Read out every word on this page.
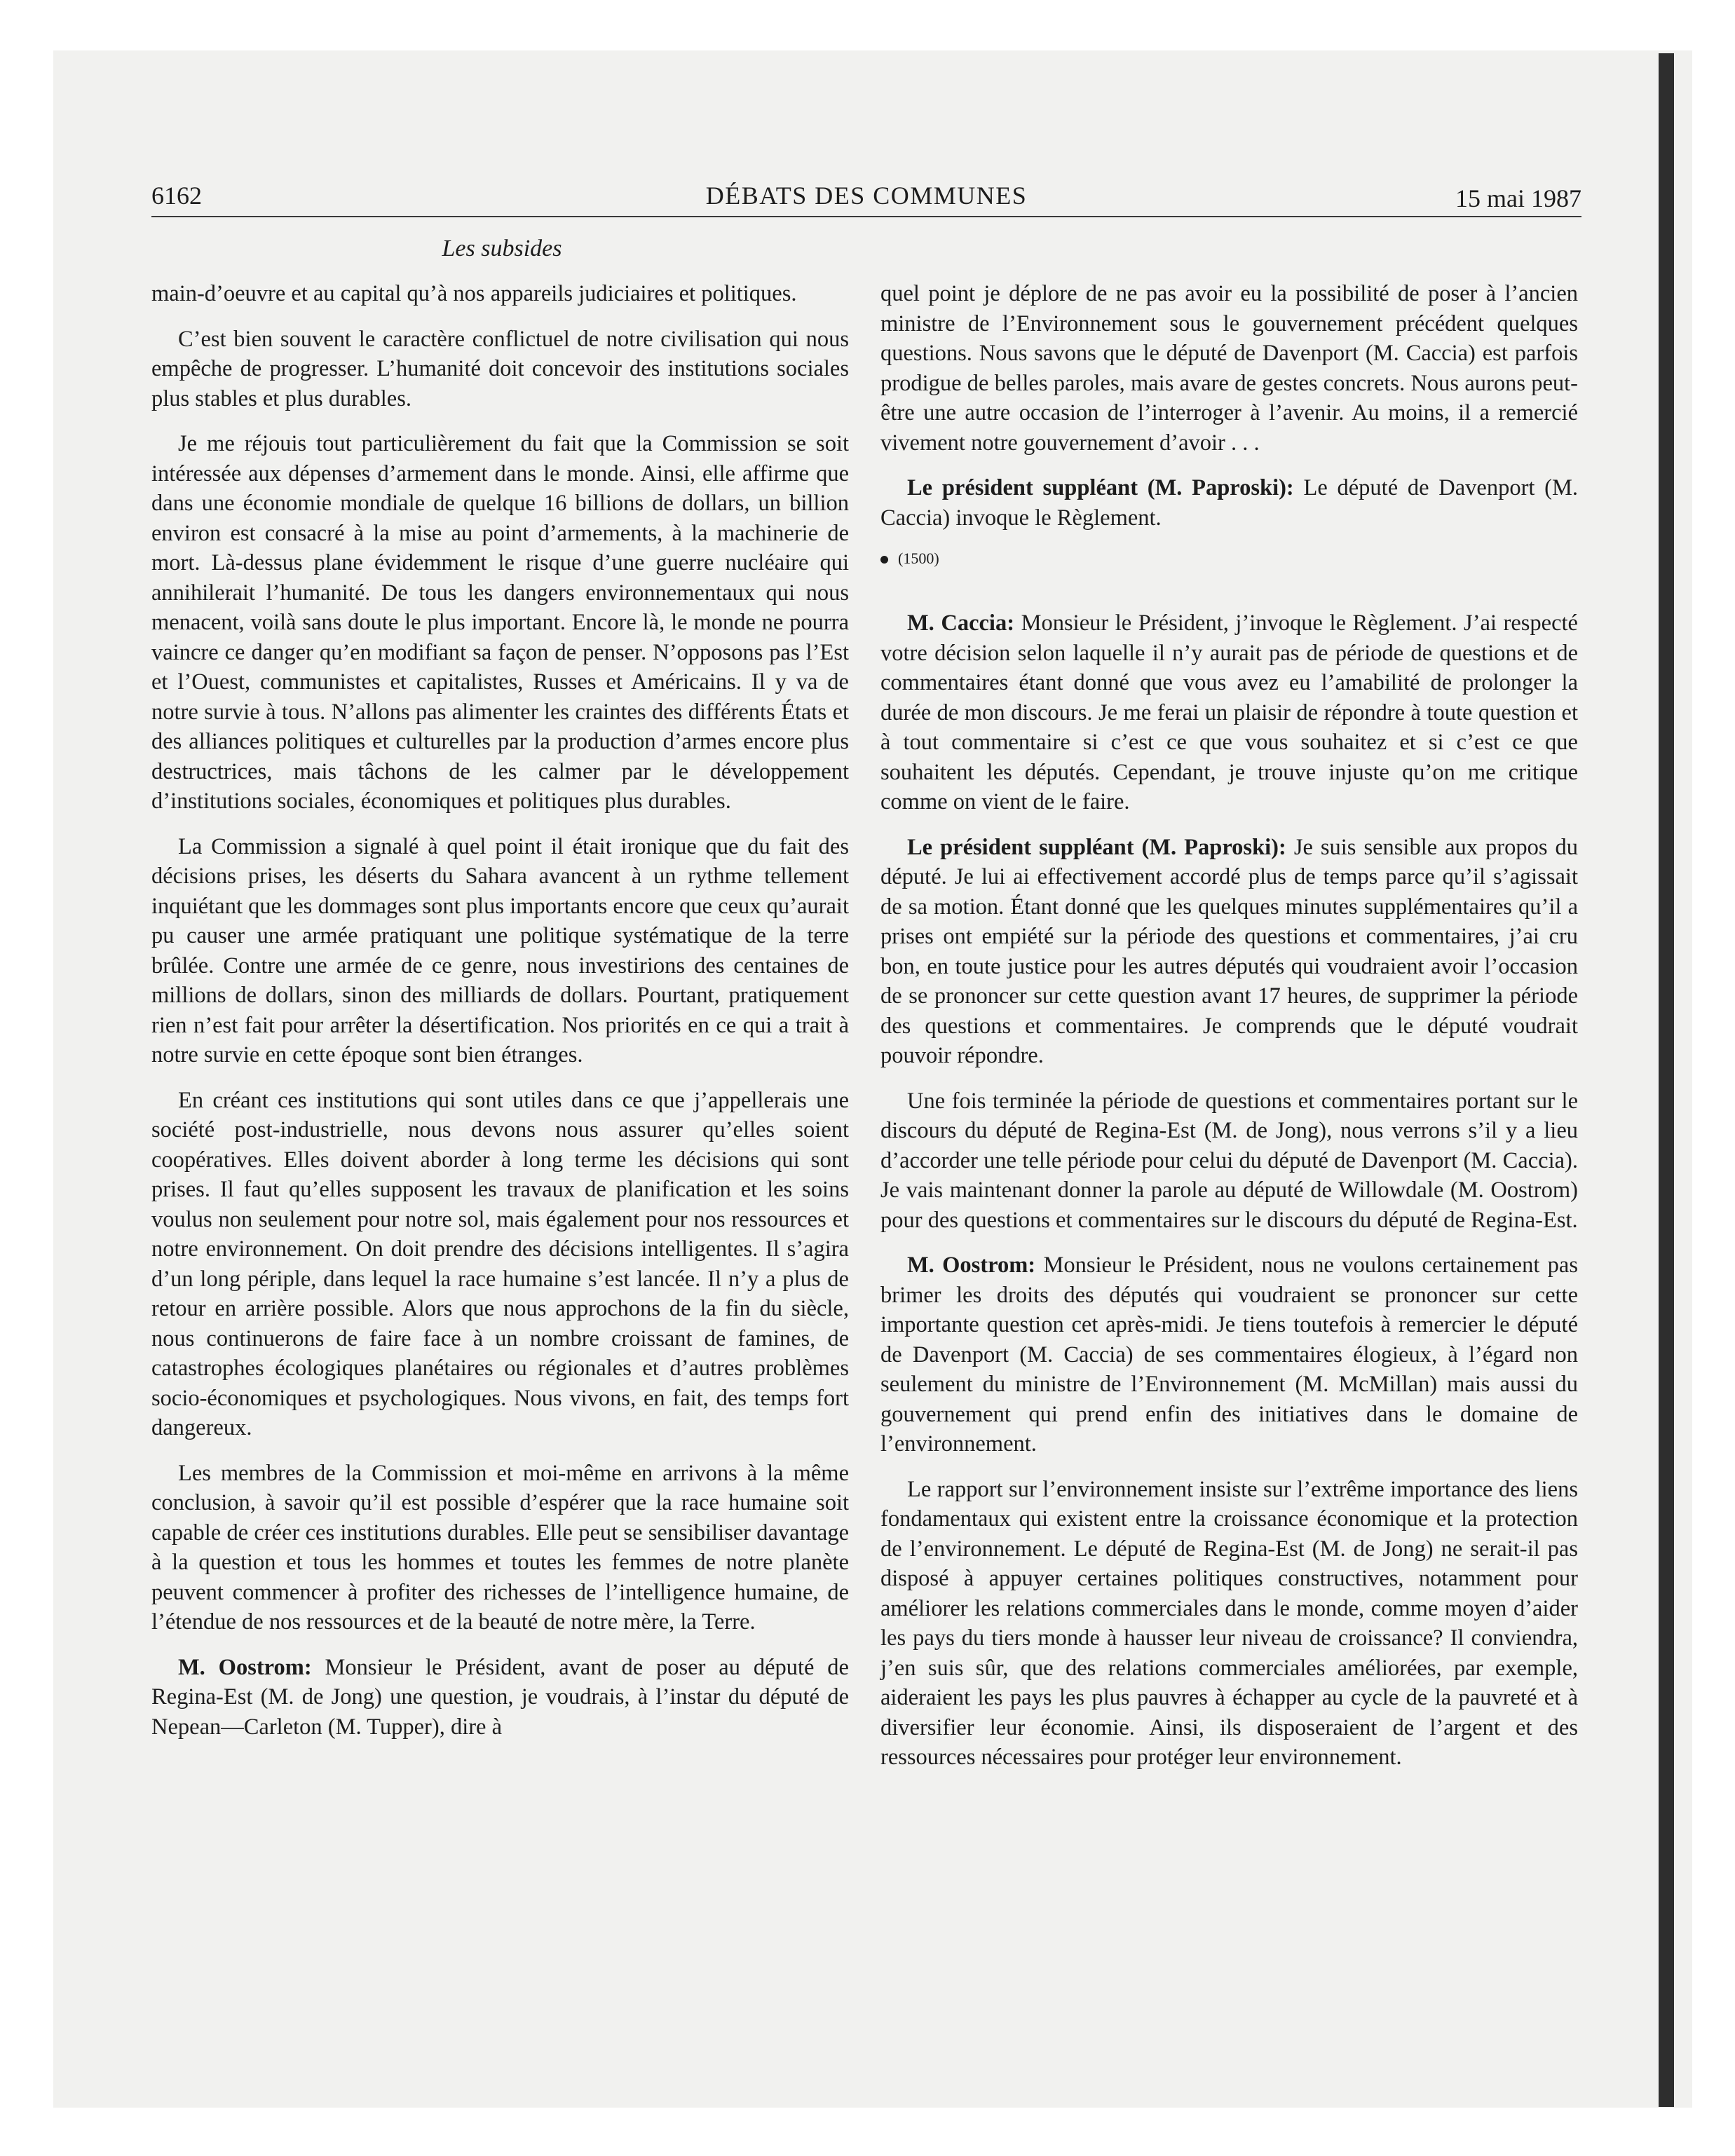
6162	DÉBATS DES COMMUNES	15 mai 1987
Les subsides

main-d’oeuvre et au capital qu’à nos appareils judiciaires et politiques.

C’est bien souvent le caractère conflictuel de notre civilisation qui nous empêche de progresser. L’humanité doit concevoir des institutions sociales plus stables et plus durables.

Je me réjouis tout particulièrement du fait que la Commission se soit intéressée aux dépenses d’armement dans le monde. Ainsi, elle affirme que dans une économie mondiale de quelque 16 billions de dollars, un billion environ est consacré à la mise au point d’armements, à la machinerie de mort. Là-dessus plane évidemment le risque d’une guerre nucléaire qui annihilerait l’humanité. De tous les dangers environnementaux qui nous menacent, voilà sans doute le plus important. Encore là, le monde ne pourra vaincre ce danger qu’en modifiant sa façon de penser. N’opposons pas l’Est et l’Ouest, communistes et capitalistes, Russes et Américains. Il y va de notre survie à tous. N’allons pas alimenter les craintes des différents États et des alliances politiques et culturelles par la production d’armes encore plus destructrices, mais tâchons de les calmer par le développement d’institutions sociales, économiques et politiques plus durables.

La Commission a signalé à quel point il était ironique que du fait des décisions prises, les déserts du Sahara avancent à un rythme tellement inquiétant que les dommages sont plus importants encore que ceux qu’aurait pu causer une armée pratiquant une politique systématique de la terre brûlée. Contre une armée de ce genre, nous investirions des centaines de millions de dollars, sinon des milliards de dollars. Pourtant, pratiquement rien n’est fait pour arrêter la désertification. Nos priorités en ce qui a trait à notre survie en cette époque sont bien étranges.

En créant ces institutions qui sont utiles dans ce que j’appellerais une société post-industrielle, nous devons nous assurer qu’elles soient coopératives. Elles doivent aborder à long terme les décisions qui sont prises. Il faut qu’elles supposent les travaux de planification et les soins voulus non seulement pour notre sol, mais également pour nos ressources et notre environnement. On doit prendre des décisions intelligentes. Il s’agira d’un long périple, dans lequel la race humaine s’est lancée. Il n’y a plus de retour en arrière possible. Alors que nous approchons de la fin du siècle, nous continuerons de faire face à un nombre croissant de famines, de catastrophes écologiques planétaires ou régionales et d’autres problèmes socio-économiques et psychologiques. Nous vivons, en fait, des temps fort dangereux.

Les membres de la Commission et moi-même en arrivons à la même conclusion, à savoir qu’il est possible d’espérer que la race humaine soit capable de créer ces institutions durables. Elle peut se sensibiliser davantage à la question et tous les hommes et toutes les femmes de notre planète peuvent commencer à profiter des richesses de l’intelligence humaine, de l’étendue de nos ressources et de la beauté de notre mère, la Terre.

M. Oostrom: Monsieur le Président, avant de poser au député de Regina-Est (M. de Jong) une question, je voudrais, à l’instar du député de Nepean—Carleton (M. Tupper), dire à

quel point je déplore de ne pas avoir eu la possibilité de poser à l’ancien ministre de l’Environnement sous le gouvernement précédent quelques questions. Nous savons que le député de Davenport (M. Caccia) est parfois prodigue de belles paroles, mais avare de gestes concrets. Nous aurons peut-être une autre occasion de l’interroger à l’avenir. Au moins, il a remercié vivement notre gouvernement d’avoir . . .

Le président suppléant (M. Paproski): Le député de Davenport (M. Caccia) invoque le Règlement.

(1500)

M. Caccia: Monsieur le Président, j’invoque le Règlement. J’ai respecté votre décision selon laquelle il n’y aurait pas de période de questions et de commentaires étant donné que vous avez eu l’amabilité de prolonger la durée de mon discours. Je me ferai un plaisir de répondre à toute question et à tout commentaire si c’est ce que vous souhaitez et si c’est ce que souhaitent les députés. Cependant, je trouve injuste qu’on me critique comme on vient de le faire.

Le président suppléant (M. Paproski): Je suis sensible aux propos du député. Je lui ai effectivement accordé plus de temps parce qu’il s’agissait de sa motion. Étant donné que les quelques minutes supplémentaires qu’il a prises ont empiété sur la période des questions et commentaires, j’ai cru bon, en toute justice pour les autres députés qui voudraient avoir l’occasion de se prononcer sur cette question avant 17 heures, de supprimer la période des questions et commentaires. Je comprends que le député voudrait pouvoir répondre.

Une fois terminée la période de questions et commentaires portant sur le discours du député de Regina-Est (M. de Jong), nous verrons s’il y a lieu d’accorder une telle période pour celui du député de Davenport (M. Caccia). Je vais maintenant donner la parole au député de Willowdale (M. Oostrom) pour des questions et commentaires sur le discours du député de Regina-Est.

M. Oostrom: Monsieur le Président, nous ne voulons certainement pas brimer les droits des députés qui voudraient se prononcer sur cette importante question cet après-midi. Je tiens toutefois à remercier le député de Davenport (M. Caccia) de ses commentaires élogieux, à l’égard non seulement du ministre de l’Environnement (M. McMillan) mais aussi du gouvernement qui prend enfin des initiatives dans le domaine de l’environnement.

Le rapport sur l’environnement insiste sur l’extrême importance des liens fondamentaux qui existent entre la croissance économique et la protection de l’environnement. Le député de Regina-Est (M. de Jong) ne serait-il pas disposé à appuyer certaines politiques constructives, notamment pour améliorer les relations commerciales dans le monde, comme moyen d’aider les pays du tiers monde à hausser leur niveau de croissance? Il conviendra, j’en suis sûr, que des relations commerciales améliorées, par exemple, aideraient les pays les plus pauvres à échapper au cycle de la pauvreté et à diversifier leur économie. Ainsi, ils disposeraient de l’argent et des ressources nécessaires pour protéger leur environnement.
